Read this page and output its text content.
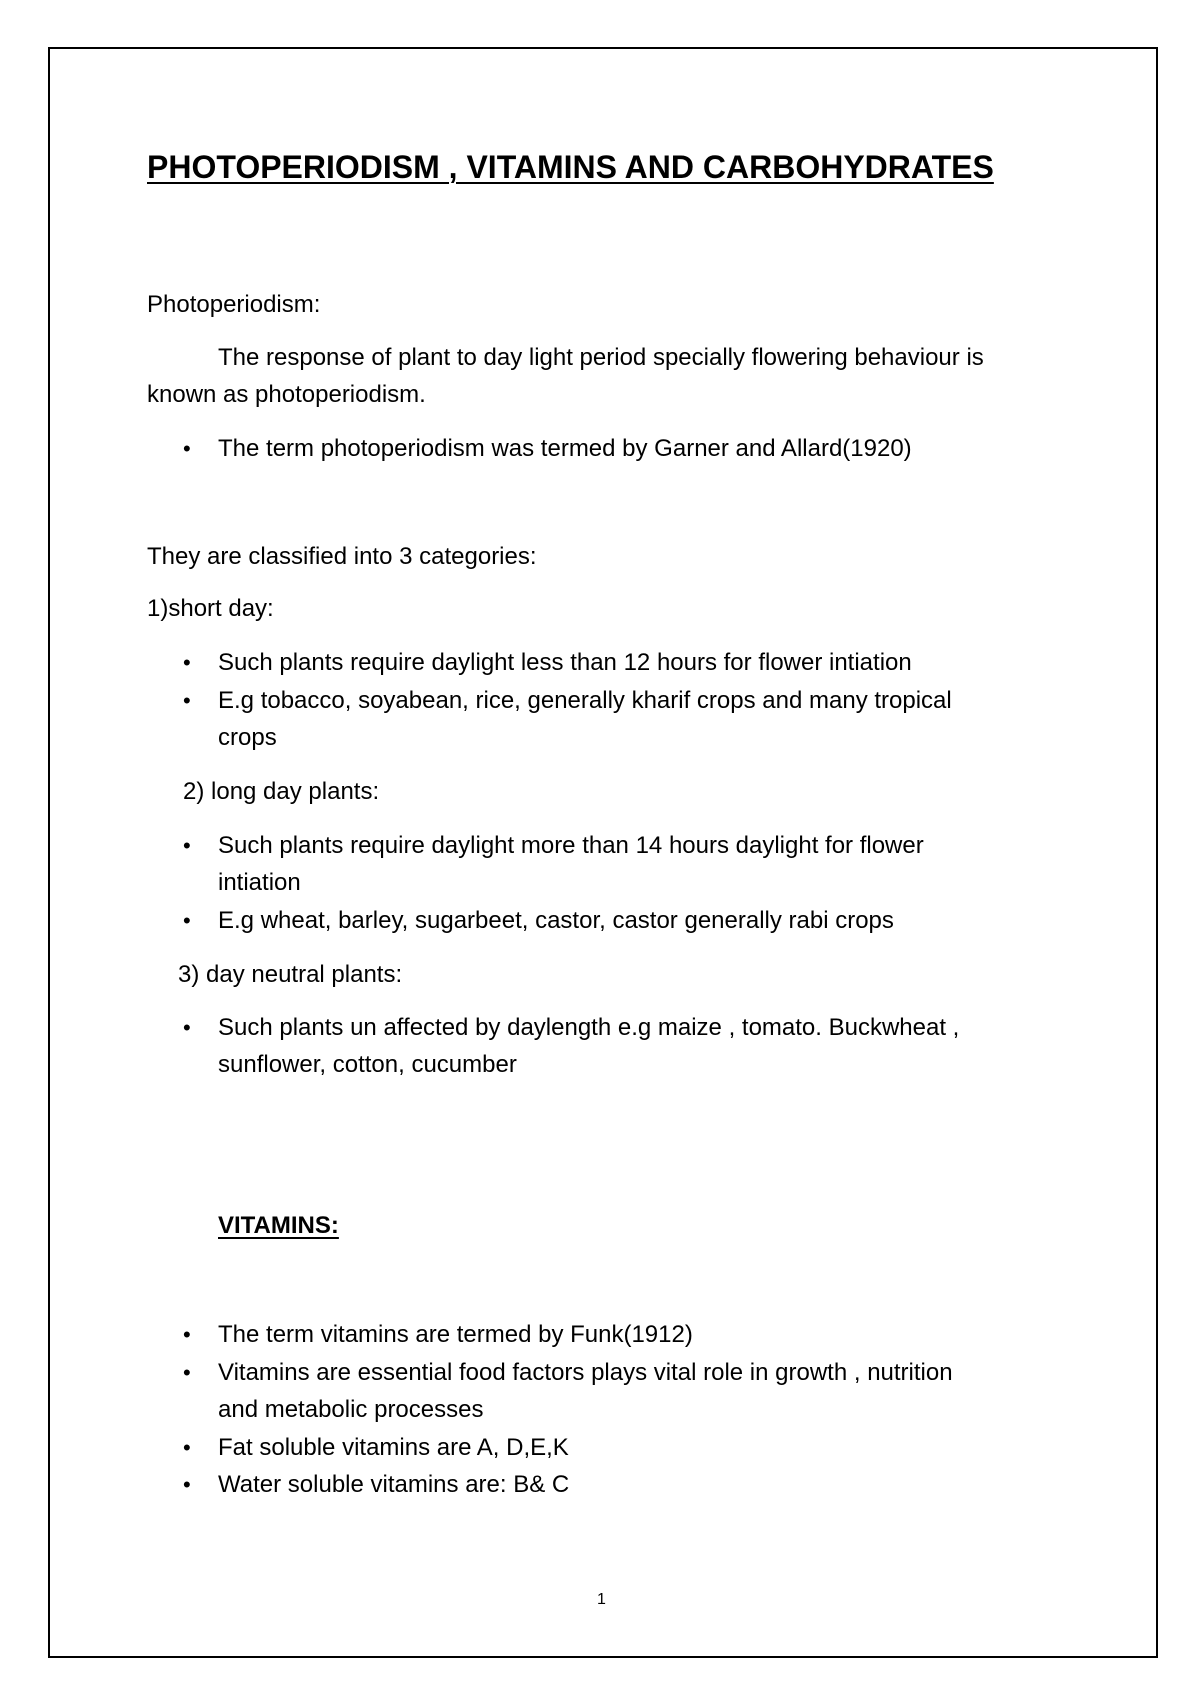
PHOTOPERIODISM , VITAMINS AND CARBOHYDRATES
Photoperiodism:
The response of plant to day light period specially flowering behaviour is
known as photoperiodism.
• The term photoperiodism was termed by Garner and Allard(1920)
They are classified into 3 categories:
1)short day:
• Such plants require daylight less than 12 hours for flower intiation
• E.g tobacco, soyabean, rice, generally kharif crops and many tropical
crops
2) long day plants:
• Such plants require daylight more than 14 hours daylight for flower
intiation
• E.g wheat, barley, sugarbeet, castor, castor generally rabi crops
3) day neutral plants:
• Such plants un affected by daylength e.g maize , tomato. Buckwheat ,
sunflower, cotton, cucumber
VITAMINS:
• The term vitamins are termed by Funk(1912)
• Vitamins are essential food factors plays vital role in growth , nutrition
and metabolic processes
• Fat soluble vitamins are A, D,E,K
• Water soluble vitamins are: B& C
1
